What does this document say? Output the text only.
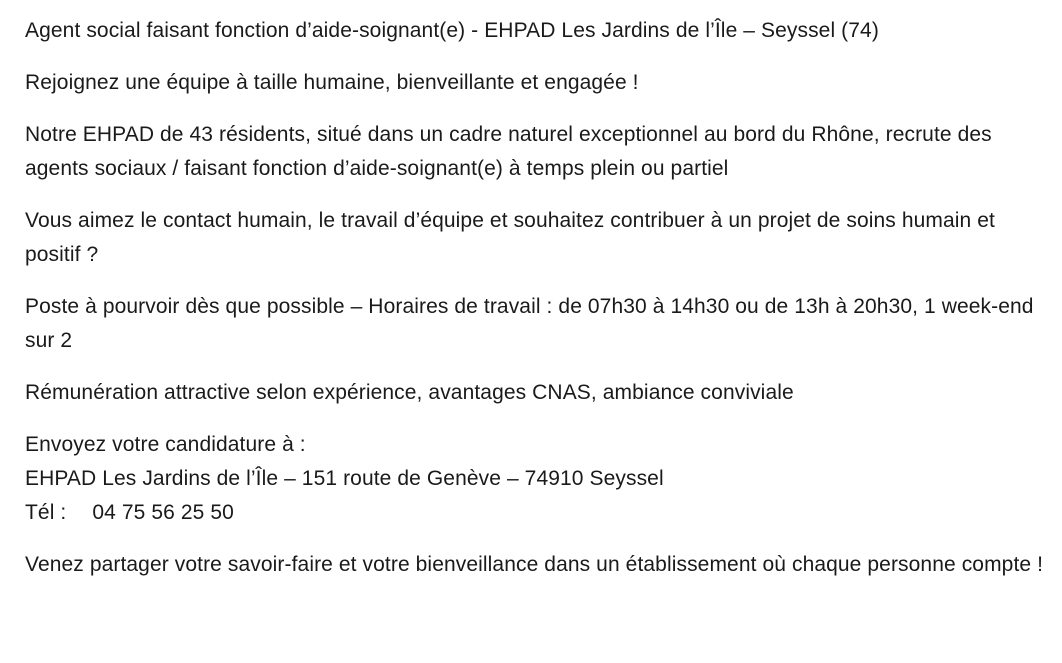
Agent social faisant fonction d’aide-soignant(e) - EHPAD Les Jardins de l’Île – Seyssel (74)

Rejoignez une équipe à taille humaine, bienveillante et engagée !

Notre EHPAD de 43 résidents, situé dans un cadre naturel exceptionnel au bord du Rhône, recrute des agents sociaux / faisant fonction d’aide-soignant(e) à temps plein ou partiel

Vous aimez le contact humain, le travail d’équipe et souhaitez contribuer à un projet de soins humain et positif ?

Poste à pourvoir dès que possible – Horaires de travail : de 07h30 à 14h30 ou de 13h à 20h30, 1 week-end sur 2

Rémunération attractive selon expérience, avantages CNAS, ambiance conviviale

Envoyez votre candidature à :
EHPAD Les Jardins de l’Île – 151 route de Genève – 74910 Seyssel
Tél : 04 75 56 25 50

Venez partager votre savoir-faire et votre bienveillance dans un établissement où chaque personne compte !
